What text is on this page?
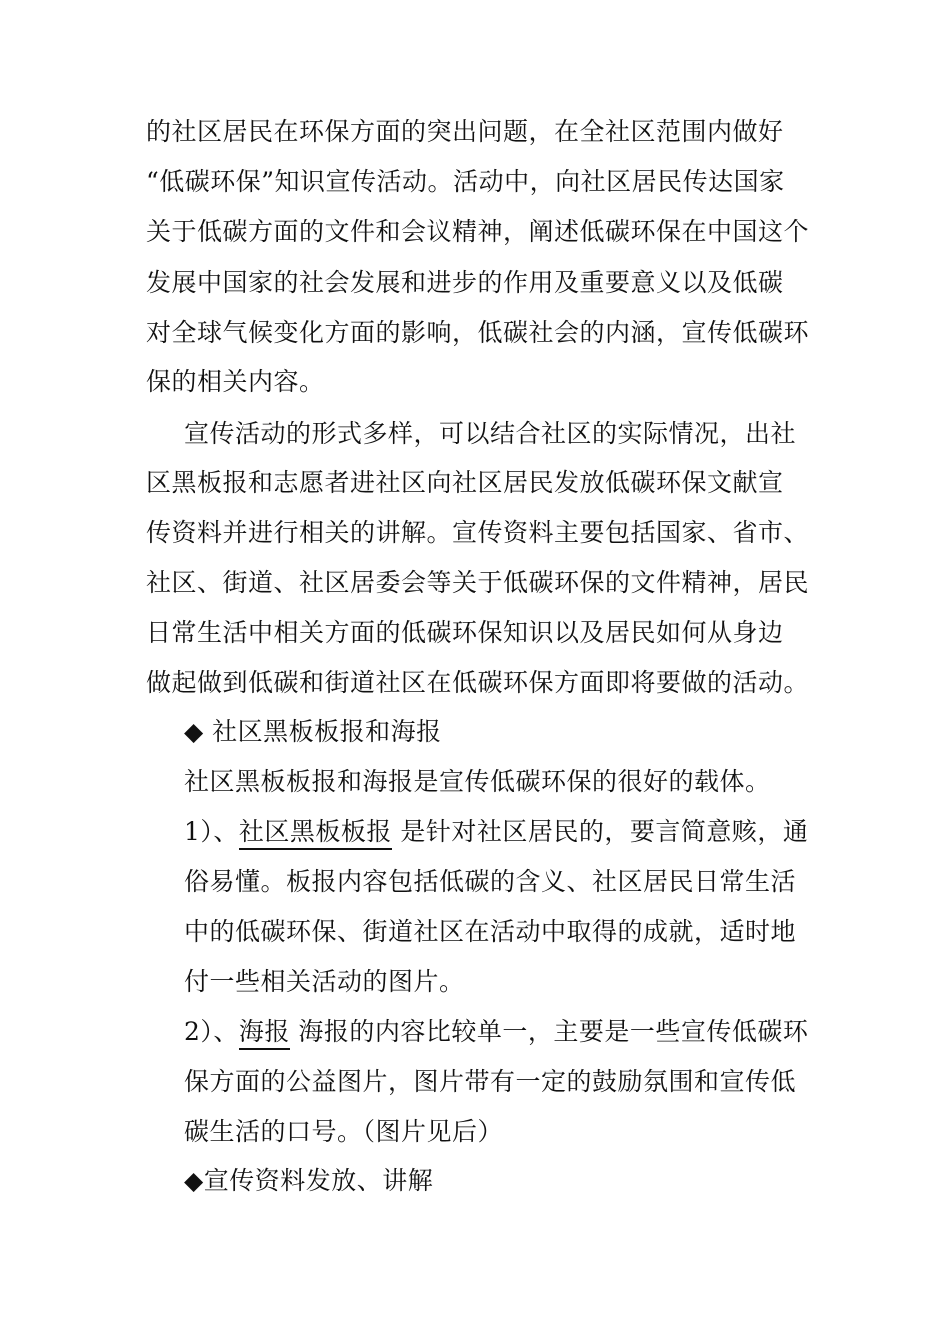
的社区居民在环保方面的突出问题，在全社区范围内做好
“低碳环保”知识宣传活动。活动中，向社区居民传达国家
关于低碳方面的文件和会议精神，阐述低碳环保在中国这个
发展中国家的社会发展和进步的作用及重要意义以及低碳
对全球气候变化方面的影响，低碳社会的内涵，宣传低碳环
保的相关内容。
宣传活动的形式多样，可以结合社区的实际情况，出社
区黑板报和志愿者进社区向社区居民发放低碳环保文献宣
传资料并进行相关的讲解。宣传资料主要包括国家、省市、
社区、街道、社区居委会等关于低碳环保的文件精神，居民
日常生活中相关方面的低碳环保知识以及居民如何从身边
做起做到低碳和街道社区在低碳环保方面即将要做的活动。
◆ 社区黑板板报和海报
社区黑板板报和海报是宣传低碳环保的很好的载体。
1）、社区黑板板报 是针对社区居民的，要言简意赅，通
俗易懂。板报内容包括低碳的含义、社区居民日常生活
中的低碳环保、街道社区在活动中取得的成就，适时地
付一些相关活动的图片。
2）、海报 海报的内容比较单一，主要是一些宣传低碳环
保方面的公益图片，图片带有一定的鼓励氛围和宣传低
碳生活的口号。（图片见后）
◆宣传资料发放、讲解
